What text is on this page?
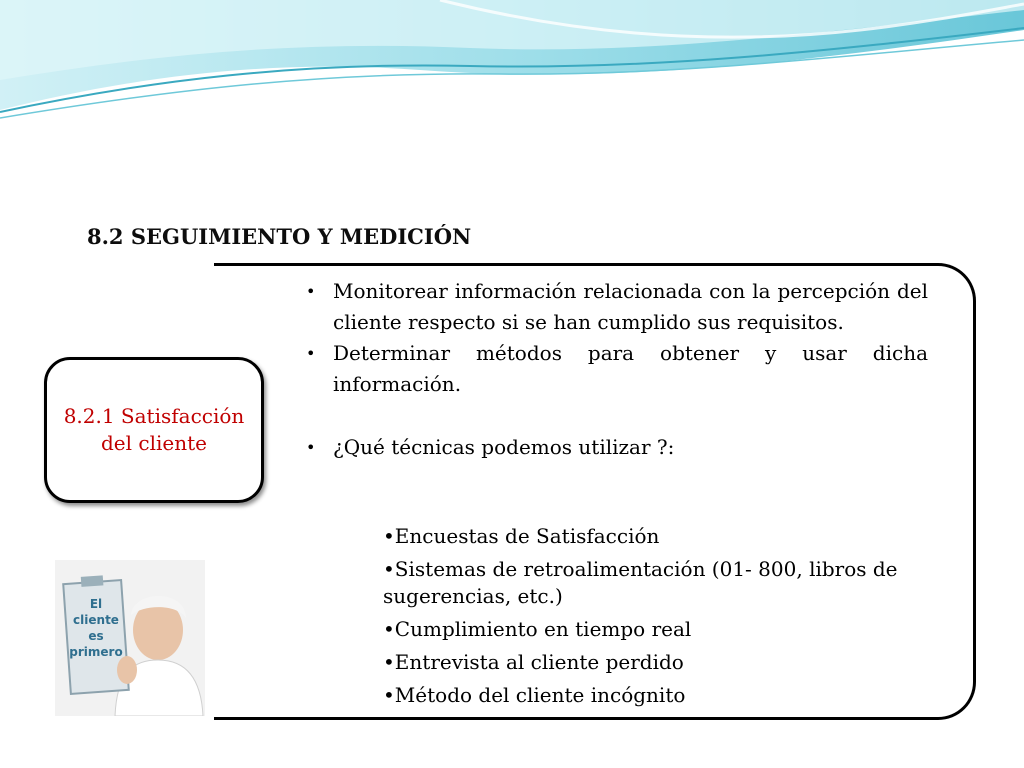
8.2 SEGUIMIENTO Y MEDICIÓN
8.2.1 Satisfacción del cliente
• Monitorear información relacionada con la percepción del cliente respecto si se han cumplido sus requisitos.
• Determinar métodos para obtener y usar dicha información.
• ¿Qué técnicas podemos utilizar ?:
•Encuestas de Satisfacción
•Sistemas de retroalimentación (01- 800, libros de sugerencias, etc.)
•Cumplimiento en tiempo real
•Entrevista al cliente perdido
•Método del cliente incógnito
El
cliente
es
primero
